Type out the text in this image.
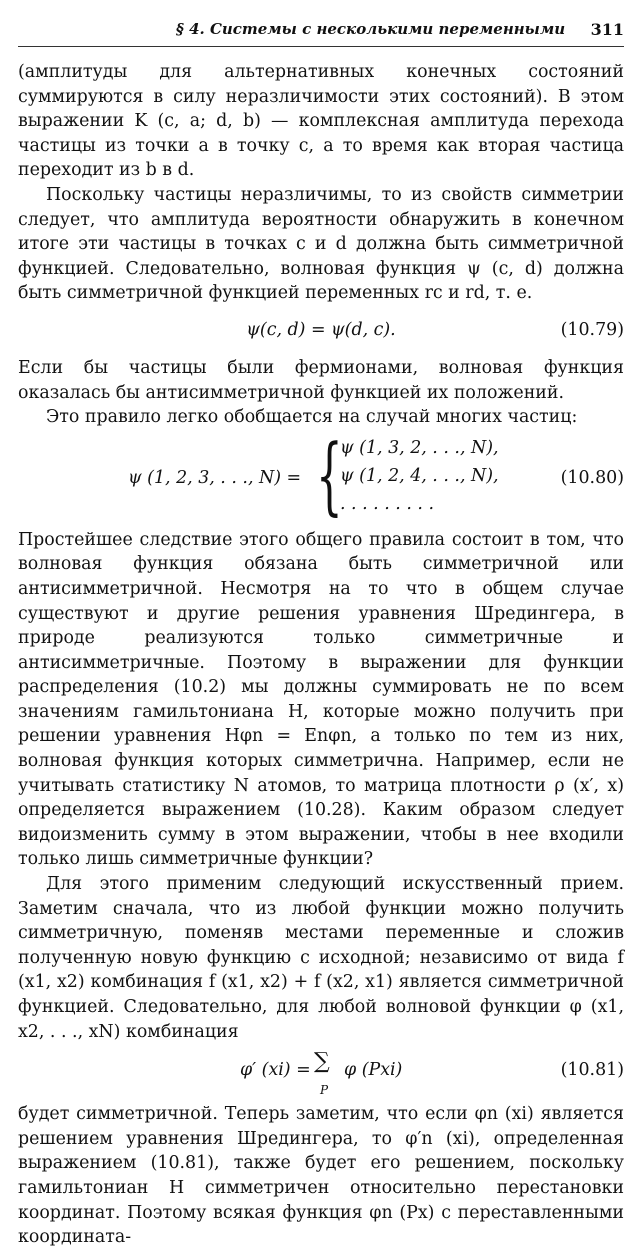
§ 4. Системы с несколькими переменными 311

(амплитуды для альтернативных конечных состояний суммируются в силу неразличимости этих состояний). В этом выражении K (c, a; d, b) — комплексная амплитуда перехода частицы из точки a в точку c, а то время как вторая частица переходит из b в d.

Поскольку частицы неразличимы, то из свойств симметрии следует, что амплитуда вероятности обнаружить в конечном итоге эти частицы в точках c и d должна быть симметричной функцией. Следовательно, волновая функция ψ (c, d) должна быть симметричной функцией переменных rc и rd, т. е.

ψ(c, d) = ψ(d, c).	(10.79)

Если бы частицы были фермионами, волновая функция оказалась бы антисимметричной функцией их положений.

Это правило легко обобщается на случай многих частиц:

ψ (1, 2, 3, . . ., N) = {
ψ (1, 3, 2, . . ., N),
ψ (1, 2, 4, . . ., N),
. . . . . . . . .
(10.80)

Простейшее следствие этого общего правила состоит в том, что волновая функция обязана быть симметричной или антисимметричной. Несмотря на то что в общем случае существуют и другие решения уравнения Шредингера, в природе реализуются только симметричные и антисимметричные. Поэтому в выражении для функции распределения (10.2) мы должны суммировать не по всем значениям гамильтониана H, которые можно получить при решении уравнения Hφn = Enφn, а только по тем из них, волновая функция которых симметрична. Например, если не учитывать статистику N атомов, то матрица плотности ρ (x′, x) определяется выражением (10.28). Каким образом следует видоизменить сумму в этом выражении, чтобы в нее входили только лишь симметричные функции?

Для этого применим следующий искусственный прием. Заметим сначала, что из любой функции можно получить симметричную, поменяв местами переменные и сложив полученную новую функцию с исходной; независимо от вида f (x1, x2) комбинация f (x1, x2) + f (x2, x1) является симметричной функцией. Следовательно, для любой волновой функции φ (x1, x2, . . ., xN) комбинация

φ′ (xi) = ∑
P
φ (Pxi)	(10.81)

будет симметричной. Теперь заметим, что если φn (xi) является решением уравнения Шредингера, то φ′n (xi), определенная выражением (10.81), также будет его решением, поскольку гамильтониан H симметричен относительно перестановки координат. Поэтому всякая функция φn (Px) с переставленными координата-
